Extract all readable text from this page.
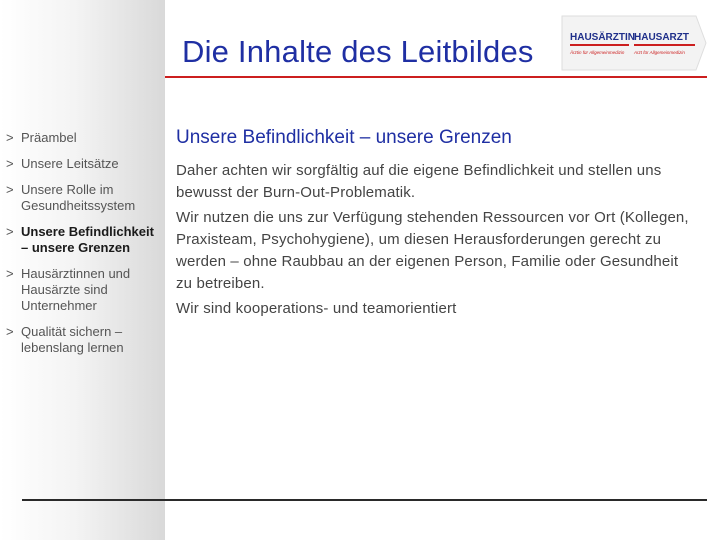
Die Inhalte des Leitbildes	HAUSÄRZTIN HAUSARZT
Ärztin für Allgemeinmedizin Arzt für Allgemeinmedizin
> Präambel
> Unsere Leitsätze
> Unsere Rolle im
Gesundheitssystem
> Unsere Befindlichkeit
– unsere Grenzen
> Hausärztinnen und
Hausärzte sind
Unternehmer
> Qualität sichern –
lebenslang lernen
Unsere Befindlichkeit – unsere Grenzen
Daher achten wir sorgfältig auf die eigene Befindlichkeit und stellen uns bewusst der Burn-Out-Problematik.
Wir nutzen die uns zur Verfügung stehenden Ressourcen vor Ort (Kollegen, Praxisteam, Psychohygiene), um diesen Herausforderungen gerecht zu werden – ohne Raubbau an der eigenen Person, Familie oder Gesundheit zu betreiben.
Wir sind kooperations- und teamorientiert
